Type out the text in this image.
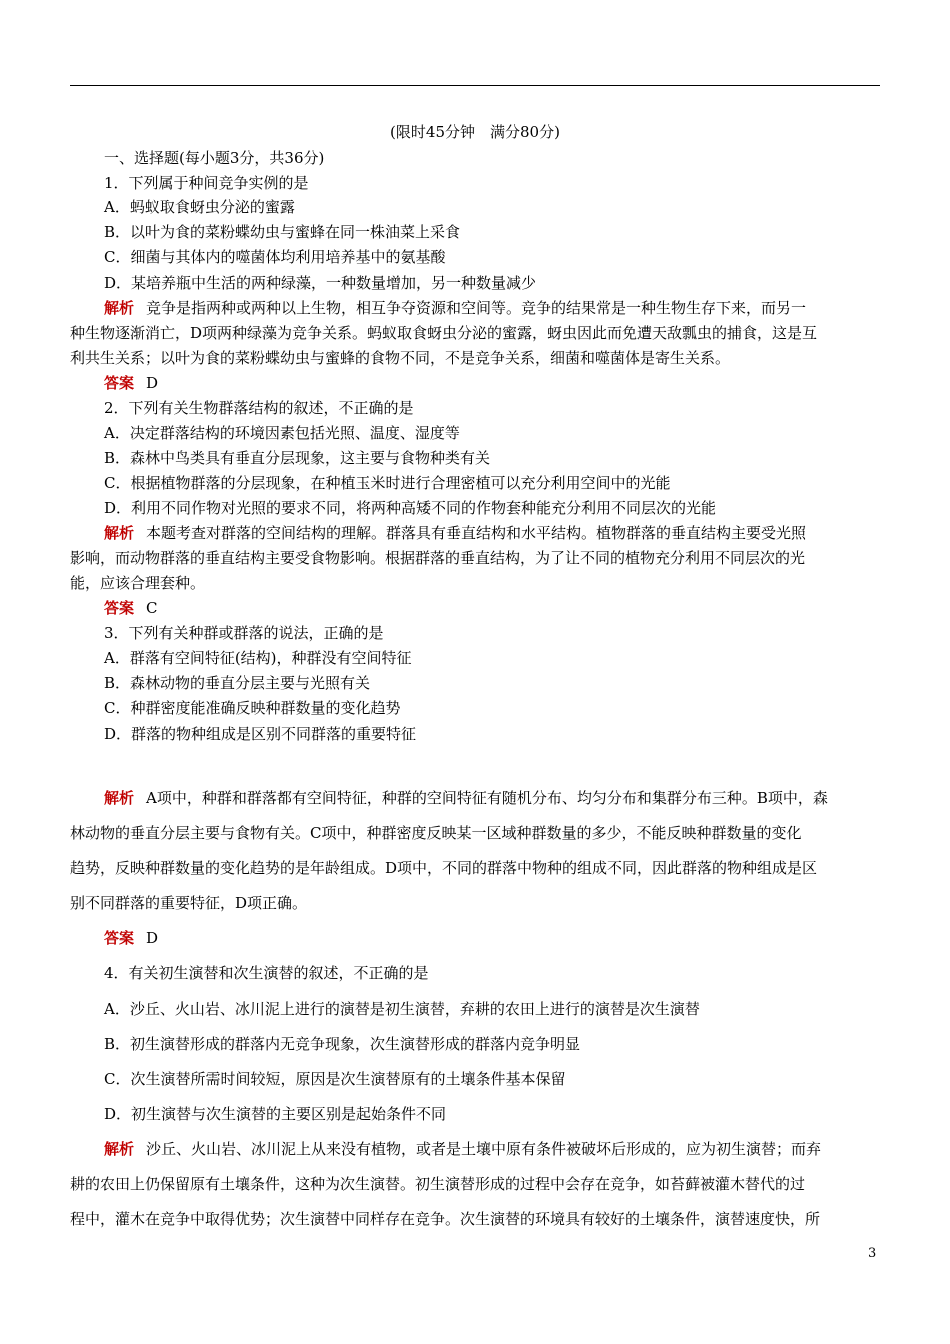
(限时45分钟　满分80分)
一、选择题(每小题3分，共36分)
1．下列属于种间竞争实例的是
A．蚂蚁取食蚜虫分泌的蜜露
B．以叶为食的菜粉蝶幼虫与蜜蜂在同一株油菜上采食
C．细菌与其体内的噬菌体均利用培养基中的氨基酸
D．某培养瓶中生活的两种绿藻，一种数量增加，另一种数量减少
解析 竞争是指两种或两种以上生物，相互争夺资源和空间等。竞争的结果常是一种生物生存下来，而另一
种生物逐渐消亡，D项两种绿藻为竞争关系。蚂蚁取食蚜虫分泌的蜜露，蚜虫因此而免遭天敌瓢虫的捕食，这是互
利共生关系；以叶为食的菜粉蝶幼虫与蜜蜂的食物不同，不是竞争关系，细菌和噬菌体是寄生关系。
答案 D
2．下列有关生物群落结构的叙述，不正确的是
A．决定群落结构的环境因素包括光照、温度、湿度等
B．森林中鸟类具有垂直分层现象，这主要与食物种类有关
C．根据植物群落的分层现象，在种植玉米时进行合理密植可以充分利用空间中的光能
D．利用不同作物对光照的要求不同，将两种高矮不同的作物套种能充分利用不同层次的光能
解析 本题考查对群落的空间结构的理解。群落具有垂直结构和水平结构。植物群落的垂直结构主要受光照
影响，而动物群落的垂直结构主要受食物影响。根据群落的垂直结构，为了让不同的植物充分利用不同层次的光
能，应该合理套种。
答案 C
3．下列有关种群或群落的说法，正确的是
A．群落有空间特征(结构)，种群没有空间特征
B．森林动物的垂直分层主要与光照有关
C．种群密度能准确反映种群数量的变化趋势
D．群落的物种组成是区别不同群落的重要特征
解析 A项中，种群和群落都有空间特征，种群的空间特征有随机分布、均匀分布和集群分布三种。B项中，森
林动物的垂直分层主要与食物有关。C项中，种群密度反映某一区域种群数量的多少，不能反映种群数量的变化
趋势，反映种群数量的变化趋势的是年龄组成。D项中，不同的群落中物种的组成不同，因此群落的物种组成是区
别不同群落的重要特征，D项正确。
答案 D
4．有关初生演替和次生演替的叙述，不正确的是
A．沙丘、火山岩、冰川泥上进行的演替是初生演替，弃耕的农田上进行的演替是次生演替
B．初生演替形成的群落内无竞争现象，次生演替形成的群落内竞争明显
C．次生演替所需时间较短，原因是次生演替原有的土壤条件基本保留
D．初生演替与次生演替的主要区别是起始条件不同
解析 沙丘、火山岩、冰川泥上从来没有植物，或者是土壤中原有条件被破坏后形成的，应为初生演替；而弃
耕的农田上仍保留原有土壤条件，这种为次生演替。初生演替形成的过程中会存在竞争，如苔藓被灌木替代的过
程中，灌木在竞争中取得优势；次生演替中同样存在竞争。次生演替的环境具有较好的土壤条件，演替速度快，所
3
